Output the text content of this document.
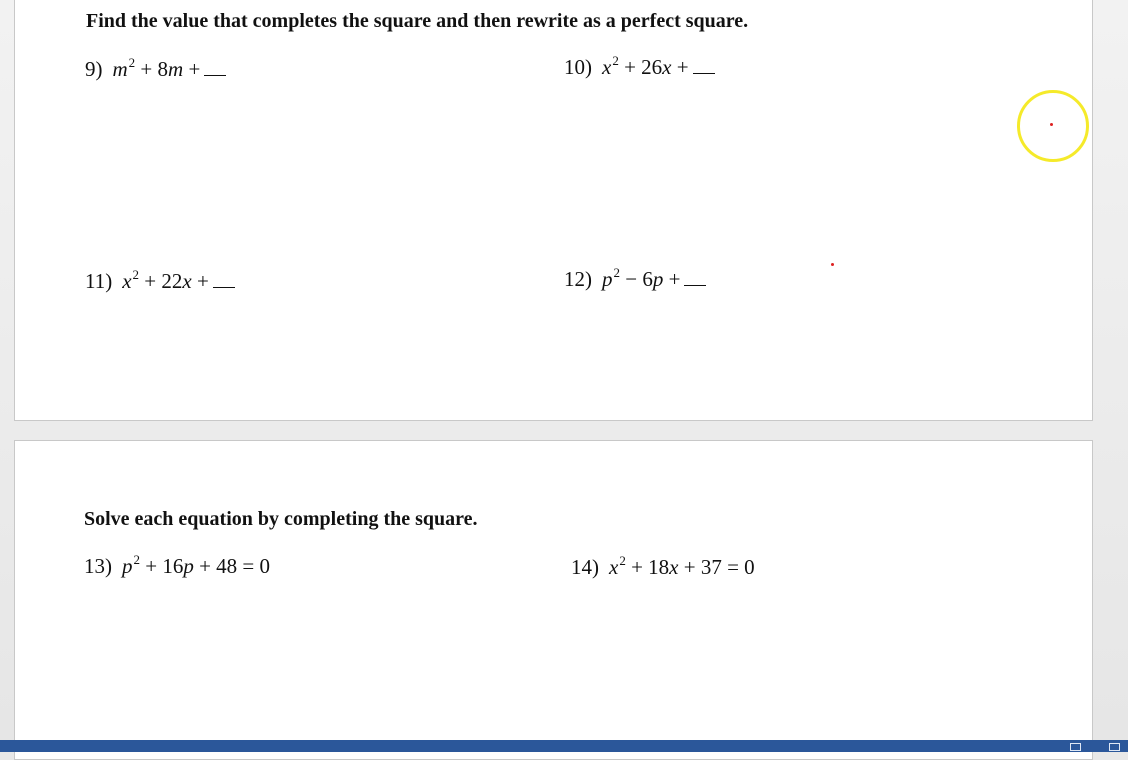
Find the value that completes the square and then rewrite as a perfect square.
9) $m^2 + 8m$ +	10) $x^2 + 26x$ +
11) $x^2 + 22x$ +	12) $p^2 - 6p$ +
Solve each equation by completing the square.
13) $p^2 + 16p + 48 = 0$	14) $x^2 + 18x + 37 = 0$
